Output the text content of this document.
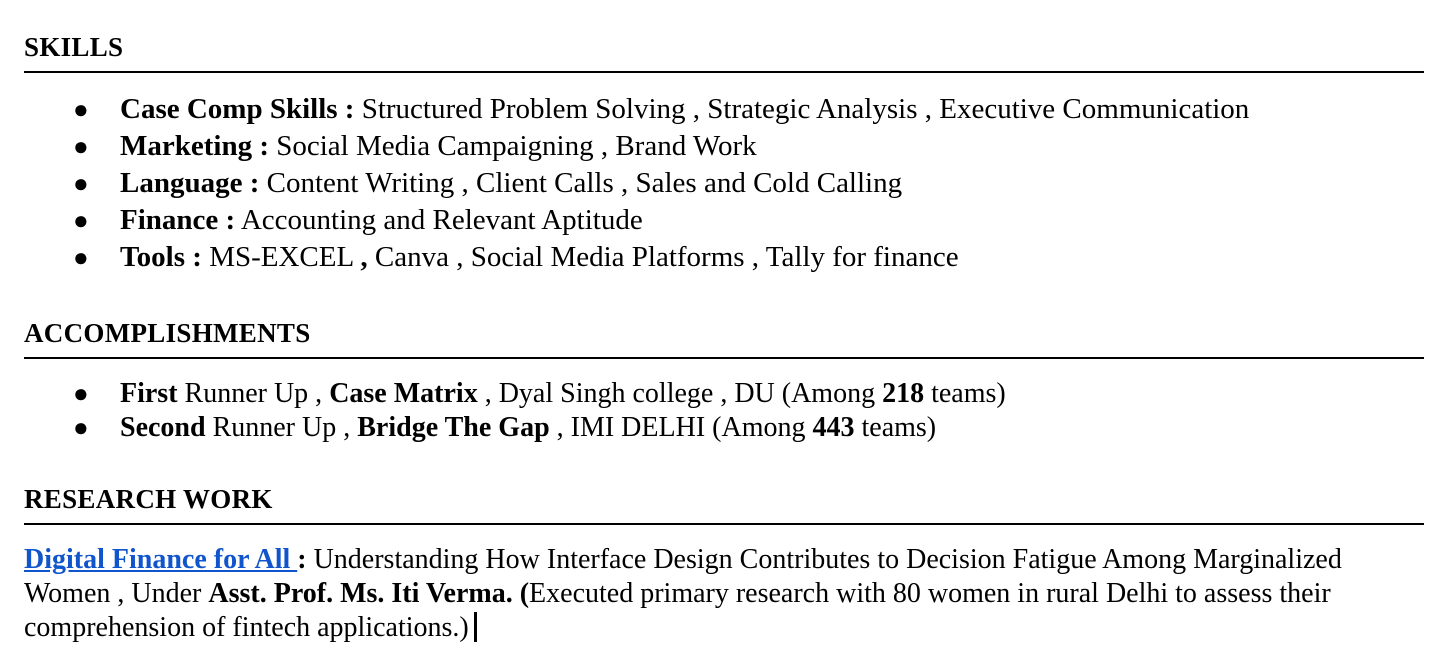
SKILLS
● Case Comp Skills : Structured Problem Solving , Strategic Analysis , Executive Communication
● Marketing : Social Media Campaigning , Brand Work
● Language : Content Writing , Client Calls , Sales and Cold Calling
● Finance : Accounting and Relevant Aptitude
● Tools : MS-EXCEL , Canva , Social Media Platforms , Tally for finance
ACCOMPLISHMENTS
● First Runner Up , Case Matrix , Dyal Singh college , DU (Among 218 teams)
● Second Runner Up , Bridge The Gap , IMI DELHI (Among 443 teams)
RESEARCH WORK

Digital Finance for All : Understanding How Interface Design Contributes to Decision Fatigue Among Marginalized Women , Under Asst. Prof. Ms. Iti Verma. (Executed primary research with 80 women in rural Delhi to assess their comprehension of fintech applications.)
